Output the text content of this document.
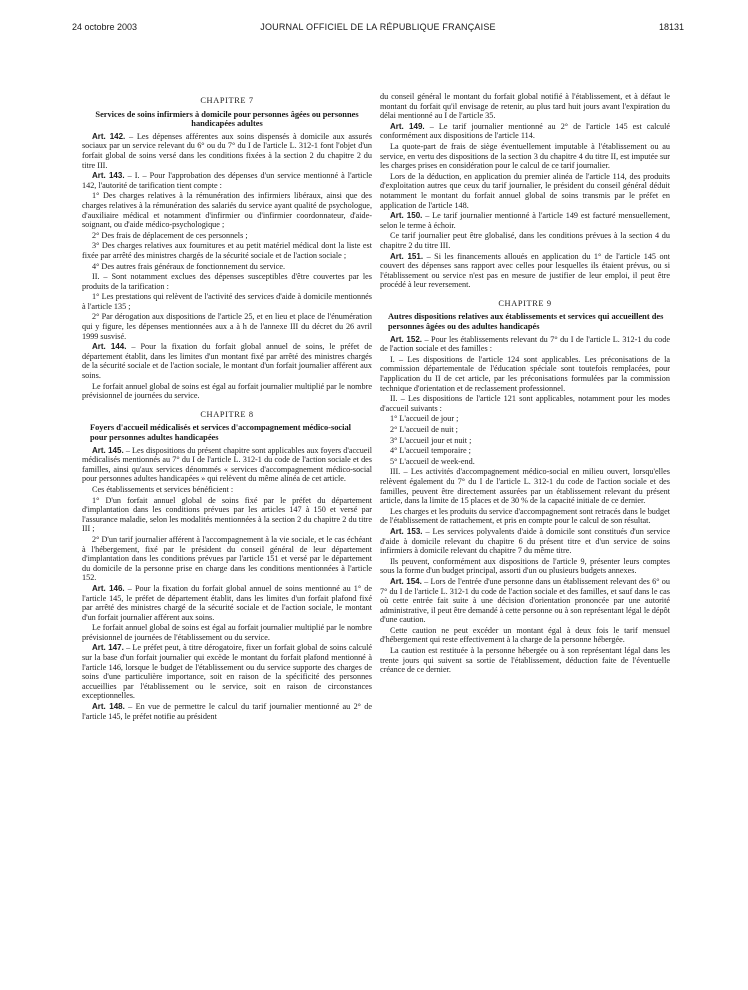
24 octobre 2003	JOURNAL OFFICIEL DE LA RÉPUBLIQUE FRANÇAISE	18131
CHAPITRE 7
Services de soins infirmiers à domicile pour personnes âgées ou personnes handicapées adultes

Art. 142. – Les dépenses afférentes aux soins dispensés à domicile aux assurés sociaux par un service relevant du 6° ou du 7° du I de l'article L. 312-1 font l'objet d'un forfait global de soins versé dans les conditions fixées à la section 2 du chapitre 2 du titre III.

Art. 143. – I. – Pour l'approbation des dépenses d'un service mentionné à l'article 142, l'autorité de tarification tient compte :

1° Des charges relatives à la rémunération des infirmiers libéraux, ainsi que des charges relatives à la rémunération des salariés du service ayant qualité de psychologue, d'auxiliaire médical et notamment d'infirmier ou d'infirmier coordonnateur, d'aide-soignant, ou d'aide médico-psychologique ;

2° Des frais de déplacement de ces personnels ;

3° Des charges relatives aux fournitures et au petit matériel médical dont la liste est fixée par arrêté des ministres chargés de la sécurité sociale et de l'action sociale ;

4° Des autres frais généraux de fonctionnement du service.

II. – Sont notamment exclues des dépenses susceptibles d'être couvertes par les produits de la tarification :

1° Les prestations qui relèvent de l'activité des services d'aide à domicile mentionnés à l'article 135 ;

2° Par dérogation aux dispositions de l'article 25, et en lieu et place de l'énumération qui y figure, les dépenses mentionnées aux a à h de l'annexe III du décret du 26 avril 1999 susvisé.

Art. 144. – Pour la fixation du forfait global annuel de soins, le préfet de département établit, dans les limites d'un montant fixé par arrêté des ministres chargés de la sécurité sociale et de l'action sociale, le montant d'un forfait journalier afférent aux soins.

Le forfait annuel global de soins est égal au forfait journalier multiplié par le nombre prévisionnel de journées du service.

CHAPITRE 8
Foyers d'accueil médicalisés et services d'accompagnement médico-social pour personnes adultes handicapées

Art. 145. – Les dispositions du présent chapitre sont applicables aux foyers d'accueil médicalisés mentionnés au 7° du I de l'article L. 312-1 du code de l'action sociale et des familles, ainsi qu'aux services dénommés « services d'accompagnement médico-social pour personnes adultes handicapées » qui relèvent du même alinéa de cet article.

Ces établissements et services bénéficient :

1° D'un forfait annuel global de soins fixé par le préfet du département d'implantation dans les conditions prévues par les articles 147 à 150 et versé par l'assurance maladie, selon les modalités mentionnées à la section 2 du chapitre 2 du titre III ;

2° D'un tarif journalier afférent à l'accompagnement à la vie sociale, et le cas échéant à l'hébergement, fixé par le président du conseil général de leur département d'implantation dans les conditions prévues par l'article 151 et versé par le département du domicile de la personne prise en charge dans les conditions mentionnées à l'article 152.

Art. 146. – Pour la fixation du forfait global annuel de soins mentionné au 1° de l'article 145, le préfet de département établit, dans les limites d'un forfait plafond fixé par arrêté des ministres chargé de la sécurité sociale et de l'action sociale, le montant d'un forfait journalier afférent aux soins.

Le forfait annuel global de soins est égal au forfait journalier multiplié par le nombre prévisionnel de journées de l'établissement ou du service.

Art. 147. – Le préfet peut, à titre dérogatoire, fixer un forfait global de soins calculé sur la base d'un forfait journalier qui excède le montant du forfait plafond mentionné à l'article 146, lorsque le budget de l'établissement ou du service supporte des charges de soins d'une particulière importance, soit en raison de la spécificité des personnes accueillies par l'établissement ou le service, soit en raison de circonstances exceptionnelles.

Art. 148. – En vue de permettre le calcul du tarif journalier mentionné au 2° de l'article 145, le préfet notifie au président

du conseil général le montant du forfait global notifié à l'établissement, et à défaut le montant du forfait qu'il envisage de retenir, au plus tard huit jours avant l'expiration du délai mentionné au I de l'article 35.

Art. 149. – Le tarif journalier mentionné au 2° de l'article 145 est calculé conformément aux dispositions de l'article 114.

La quote-part de frais de siège éventuellement imputable à l'établissement ou au service, en vertu des dispositions de la section 3 du chapitre 4 du titre II, est imputée sur les charges prises en considération pour le calcul de ce tarif journalier.

Lors de la déduction, en application du premier alinéa de l'article 114, des produits d'exploitation autres que ceux du tarif journalier, le président du conseil général déduit notamment le montant du forfait annuel global de soins transmis par le préfet en application de l'article 148.

Art. 150. – Le tarif journalier mentionné à l'article 149 est facturé mensuellement, selon le terme à échoir.

Ce tarif journalier peut être globalisé, dans les conditions prévues à la section 4 du chapitre 2 du titre III.

Art. 151. – Si les financements alloués en application du 1° de l'article 145 ont couvert des dépenses sans rapport avec celles pour lesquelles ils étaient prévus, ou si l'établissement ou service n'est pas en mesure de justifier de leur emploi, il peut être procédé à leur reversement.

CHAPITRE 9
Autres dispositions relatives aux établissements et services qui accueillent des personnes âgées ou des adultes handicapés

Art. 152. – Pour les établissements relevant du 7° du I de l'article L. 312-1 du code de l'action sociale et des familles :

I. – Les dispositions de l'article 124 sont applicables. Les préconisations de la commission départementale de l'éducation spéciale sont toutefois remplacées, pour l'application du II de cet article, par les préconisations formulées par la commission technique d'orientation et de reclassement professionnel.

II. – Les dispositions de l'article 121 sont applicables, notamment pour les modes d'accueil suivants :

1° L'accueil de jour ;

2° L'accueil de nuit ;

3° L'accueil jour et nuit ;

4° L'accueil temporaire ;

5° L'accueil de week-end.

III. – Les activités d'accompagnement médico-social en milieu ouvert, lorsqu'elles relèvent également du 7° du I de l'article L. 312-1 du code de l'action sociale et des familles, peuvent être directement assurées par un établissement relevant du présent article, dans la limite de 15 places et de 30 % de la capacité initiale de ce dernier.

Les charges et les produits du service d'accompagnement sont retracés dans le budget de l'établissement de rattachement, et pris en compte pour le calcul de son résultat.

Art. 153. – Les services polyvalents d'aide à domicile sont constitués d'un service d'aide à domicile relevant du chapitre 6 du présent titre et d'un service de soins infirmiers à domicile relevant du chapitre 7 du même titre.

Ils peuvent, conformément aux dispositions de l'article 9, présenter leurs comptes sous la forme d'un budget principal, assorti d'un ou plusieurs budgets annexes.

Art. 154. – Lors de l'entrée d'une personne dans un établissement relevant des 6° ou 7° du I de l'article L. 312-1 du code de l'action sociale et des familles, et sauf dans le cas où cette entrée fait suite à une décision d'orientation prononcée par une autorité administrative, il peut être demandé à cette personne ou à son représentant légal le dépôt d'une caution.

Cette caution ne peut excéder un montant égal à deux fois le tarif mensuel d'hébergement qui reste effectivement à la charge de la personne hébergée.

La caution est restituée à la personne hébergée ou à son représentant légal dans les trente jours qui suivent sa sortie de l'établissement, déduction faite de l'éventuelle créance de ce dernier.
